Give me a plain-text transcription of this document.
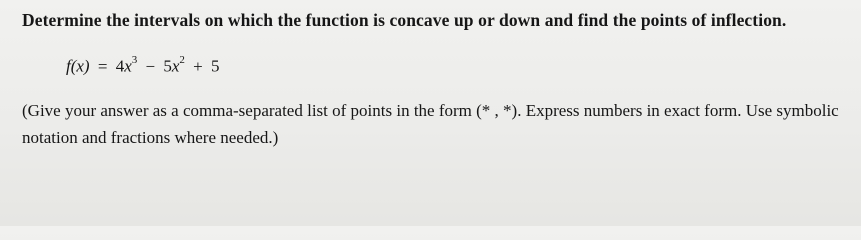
Determine the intervals on which the function is concave up or down and find the points of inflection.
$f(x) = 4x^3 - 5x^2 + 5$
(Give your answer as a comma-separated list of points in the form (* , *). Express numbers in exact form. Use symbolic
notation and fractions where needed.)
